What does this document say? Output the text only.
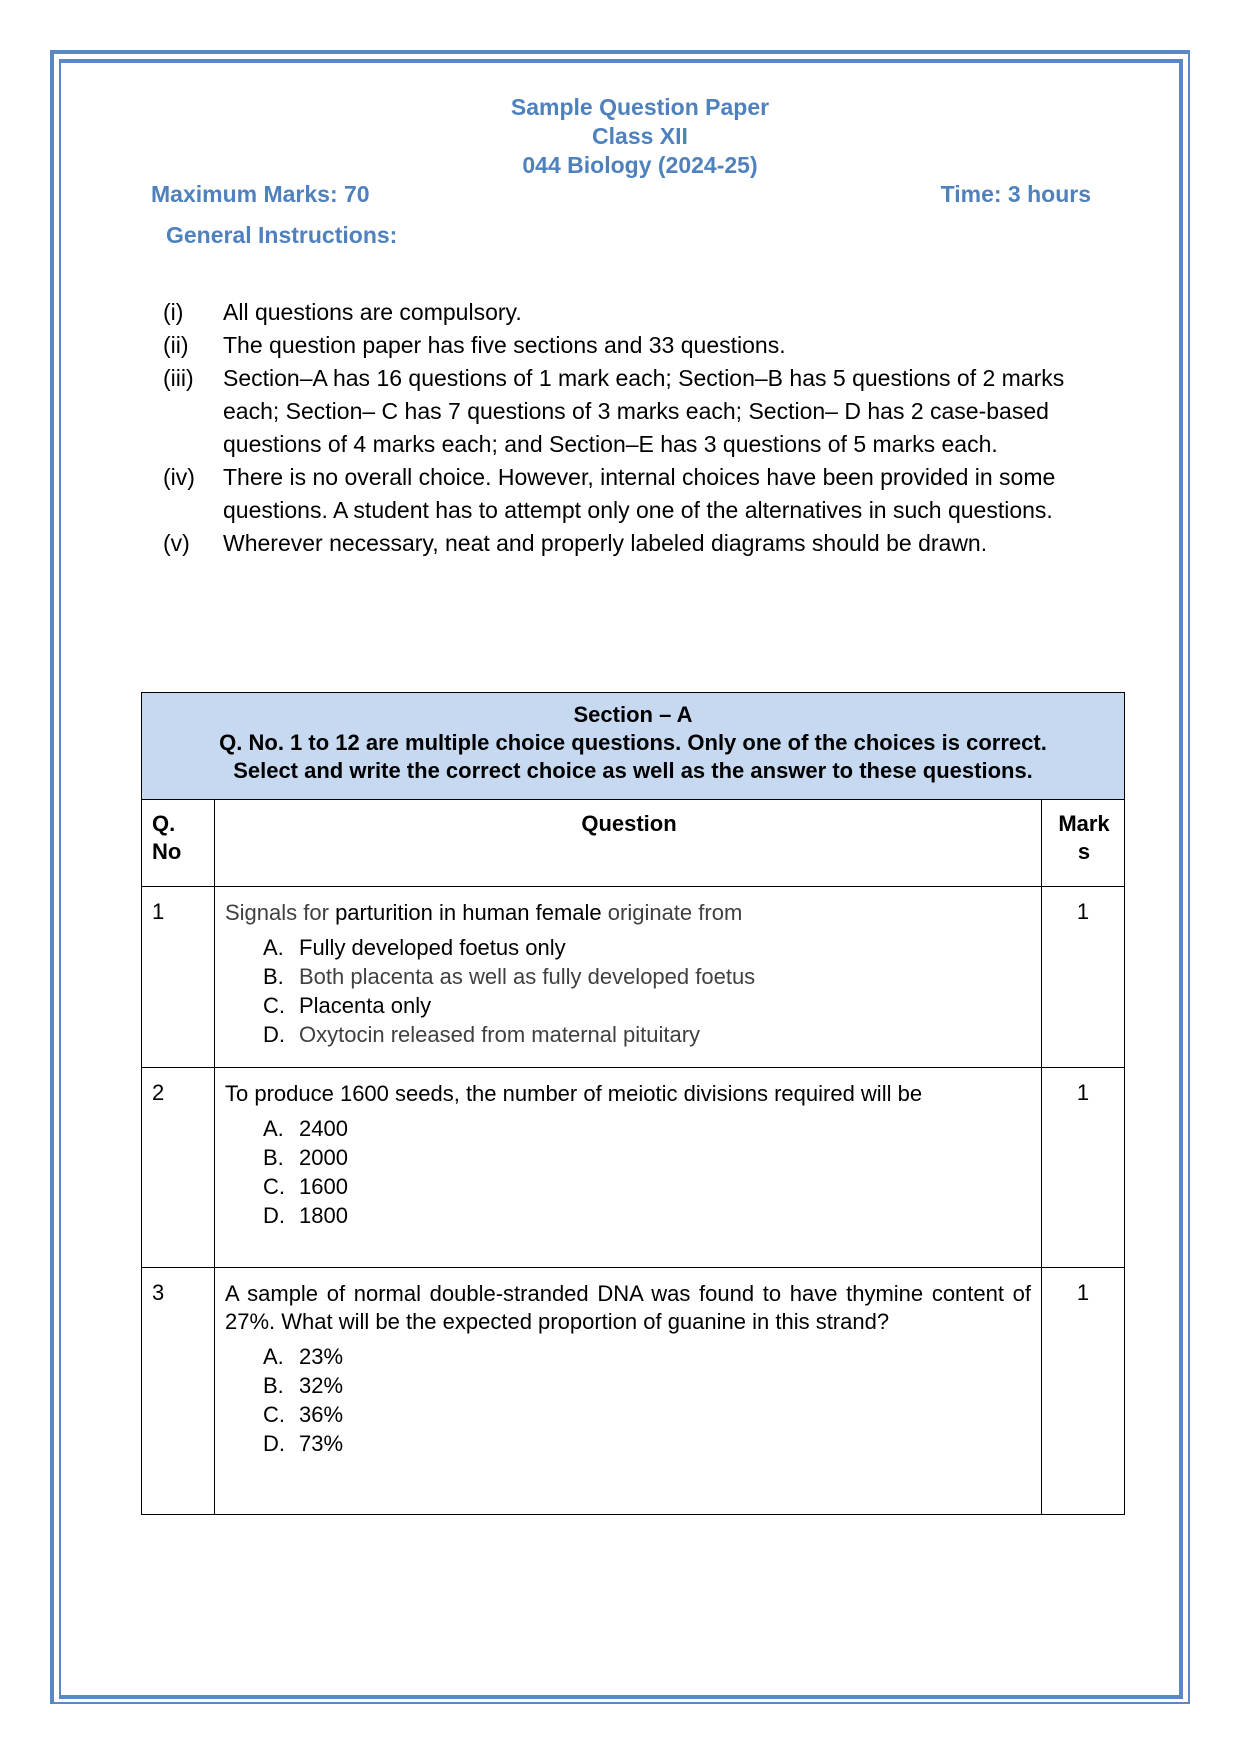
Sample Question Paper
Class XII
044 Biology (2024-25)
Maximum Marks: 70	Time: 3 hours
General Instructions:
(i)	All questions are compulsory.
(ii)	The question paper has five sections and 33 questions.
(iii)	Section–A has 16 questions of 1 mark each; Section–B has 5 questions of 2 marks each; Section– C has 7 questions of 3 marks each; Section– D has 2 case-based questions of 4 marks each; and Section–E has 3 questions of 5 marks each.
(iv)	There is no overall choice. However, internal choices have been provided in some questions. A student has to attempt only one of the alternatives in such questions.
(v)	Wherever necessary, neat and properly labeled diagrams should be drawn.
Section – A
Q. No. 1 to 12 are multiple choice questions. Only one of the choices is correct.
Select and write the correct choice as well as the answer to these questions.		

Q.
No
	Question	Mark
s

1	Signals for parturition in human female originate from
A. Fully developed foetus only
B. Both placenta as well as fully developed foetus
C. Placenta only
D. Oxytocin released from maternal pituitary
	1
2	To produce 1600 seeds, the number of meiotic divisions required will be
A. 2400
B. 2000
C. 1600
D. 1800
	1
3	A sample of normal double-stranded DNA was found to have thymine content of 27%. What will be the expected proportion of guanine in this strand?
A. 23%
B. 32%
C. 36%
D. 73%
	1
